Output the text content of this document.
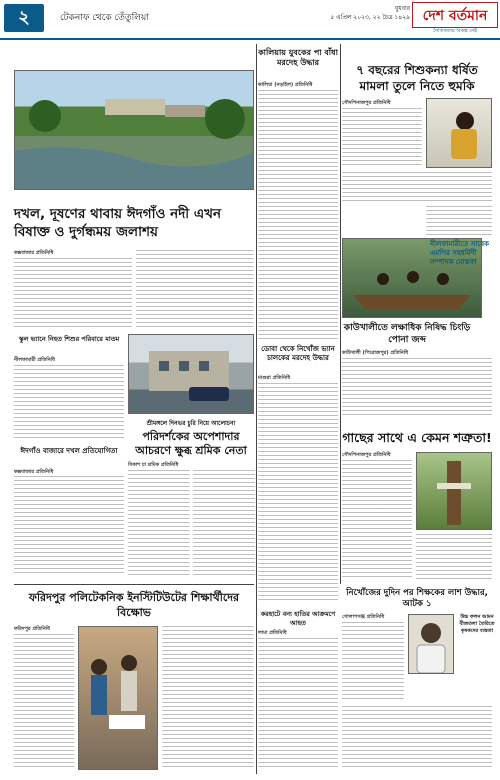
২	টেকনাফ থেকে তেঁতুলিয়া
বুধবার
৫ এপ্রিল ২০২৩, ২২ চৈত্র ১৪২৯ দেশ বর্তমান
নৈতিকতার বিকল্প নেই
দখল, দূষণের থাবায় ঈদগাঁও নদী এখন বিষাক্ত ও দুর্গন্ধময় জলাশয়
কক্সবাজার প্রতিনিধি
স্কুল ভ্যানে নিহত শিশুর পরিবারে মাতম
নীলফামারী প্রতিনিধি
শ্রীমঙ্গলে দিনভর চুরি নিয়ে আলোচনা
ঈদগাঁও বাজারে দখল প্রতিযোগিতা
কক্সবাজার প্রতিনিধি
পরিদর্শকের অপেশাদার আচরণে ক্ষুব্ধ শ্রমিক নেতা
বিকাশ চা শ্রমিক প্রতিনিধি
ফরিদপুর পলিটেকনিক ইনস্টিটিউটের শিক্ষার্থীদের বিক্ষোভ
ফরিদপুর প্রতিনিধি
কালিয়ায় যুবকের পা বাঁধা মরদেহ উদ্ধার
কালিয়া (নড়াইল) প্রতিনিধি
৭ বছরের শিশুকন্যা ধর্ষিত মামলা তুলে নিতে হুমকি
সৌদপিনাজপুর প্রতিনিধি
কাউখালীতে লক্ষাধিক নিষিদ্ধ চিংড়ি পোনা জব্দ
কাউখালী (পিরোজপুর) প্রতিনিধি
নীলফামারীতে সাবেক এমপির সহধর্মিণী সম্পাদক মোস্তফা
ডোবা থেকে নিখোঁজ ভ্যান চালকের মরদেহ উদ্ধার
মাগুরা প্রতিনিধি
গাছের সাথে এ কেমন শত্রুতা!
সৌদপিনাজপুর প্রতিনিধি
করহাটে বন্য হাতির আক্রমণে আহত
লামা প্রতিনিধি
নিখোঁজের দুদিন পর শিক্ষকের লাশ উদ্ধার, আটক ১
গোলাপগঞ্জ প্রতিনিধি	উচ্চ ফলন আমন বীজতলা তৈরিতে কৃষকদের ব্যস্ততা
